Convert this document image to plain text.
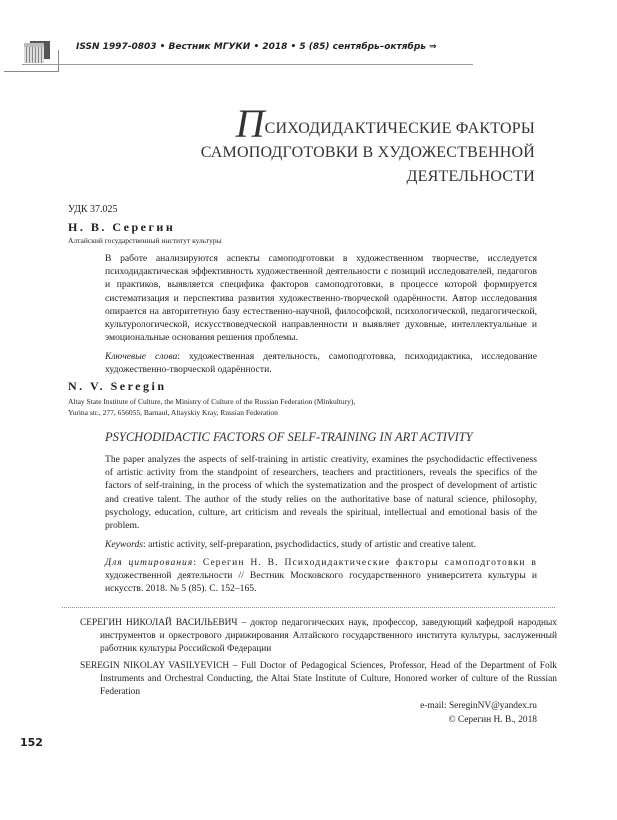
ISSN 1997-0803 • Вестник МГУКИ • 2018 • 5 (85) сентябрь–октябрь ⇒
ПСИХОДИДАКТИЧЕСКИЕ ФАКТОРЫ
САМОПОДГОТОВКИ В ХУДОЖЕСТВЕННОЙ
ДЕЯТЕЛЬНОСТИ
УДК 37.025
Н. В. Серегин
Алтайский государственный институт культуры
В работе анализируются аспекты самоподготовки в художественном творчестве, исследуется психодидактическая эффективность художественной деятельности с позиций исследователей, педагогов и практиков, выявляется специфика факторов самоподготовки, в процессе которой формируется систематизация и перспектива развития художественно-творческой одарённости. Автор исследования опирается на авторитетную базу естественно-научной, философской, психологической, педагогической, культурологической, искусствоведческой направленности и выявляет духовные, интеллектуальные и эмоциональные основания решения проблемы.
Ключевые слова: художественная деятельность, самоподготовка, психодидактика, исследование художественно-творческой одарённости.
N. V. Seregin
Altay State Institute of Culture, the Ministry of Culture of the Russian Federation (Minkultury),
Yurina str., 277, 656055, Barnaul, Altayskiy Kray, Russian Federation
PSYCHODIDACTIC FACTORS OF SELF-TRAINING IN ART ACTIVITY
The paper analyzes the aspects of self-training in artistic creativity, examines the psychodidactic effectiveness of artistic activity from the standpoint of researchers, teachers and practitioners, reveals the specifics of the factors of self-training, in the process of which the systematization and the prospect of development of artistic and creative talent. The author of the study relies on the authoritative base of natural science, philosophy, psychology, education, culture, art criticism and reveals the spiritual, intellectual and emotional basis of the problem.
Keywords: artistic activity, self-preparation, psychodidactics, study of artistic and creative talent.
Для цитирования: Серегин Н. В. Психодидактические факторы самоподготовки в художественной деятельности // Вестник Московского государственного университета культуры и искусств. 2018. № 5 (85). С. 152–165.
СЕРЕГИН НИКОЛАЙ ВАСИЛЬЕВИЧ – доктор педагогических наук, профессор, заведующий кафедрой народных инструментов и оркестрового дирижирования Алтайского государственного института культуры, заслуженный работник культуры Российской Федерации
SEREGIN NIKOLAY VASILYEVICH – Full Doctor of Pedagogical Sciences, Professor, Head of the Department of Folk Instruments and Orchestral Conducting, the Altai State Institute of Culture, Honored worker of culture of the Russian Federation
e-mail: SereginNV@yandex.ru
© Серегин Н. В., 2018
152
